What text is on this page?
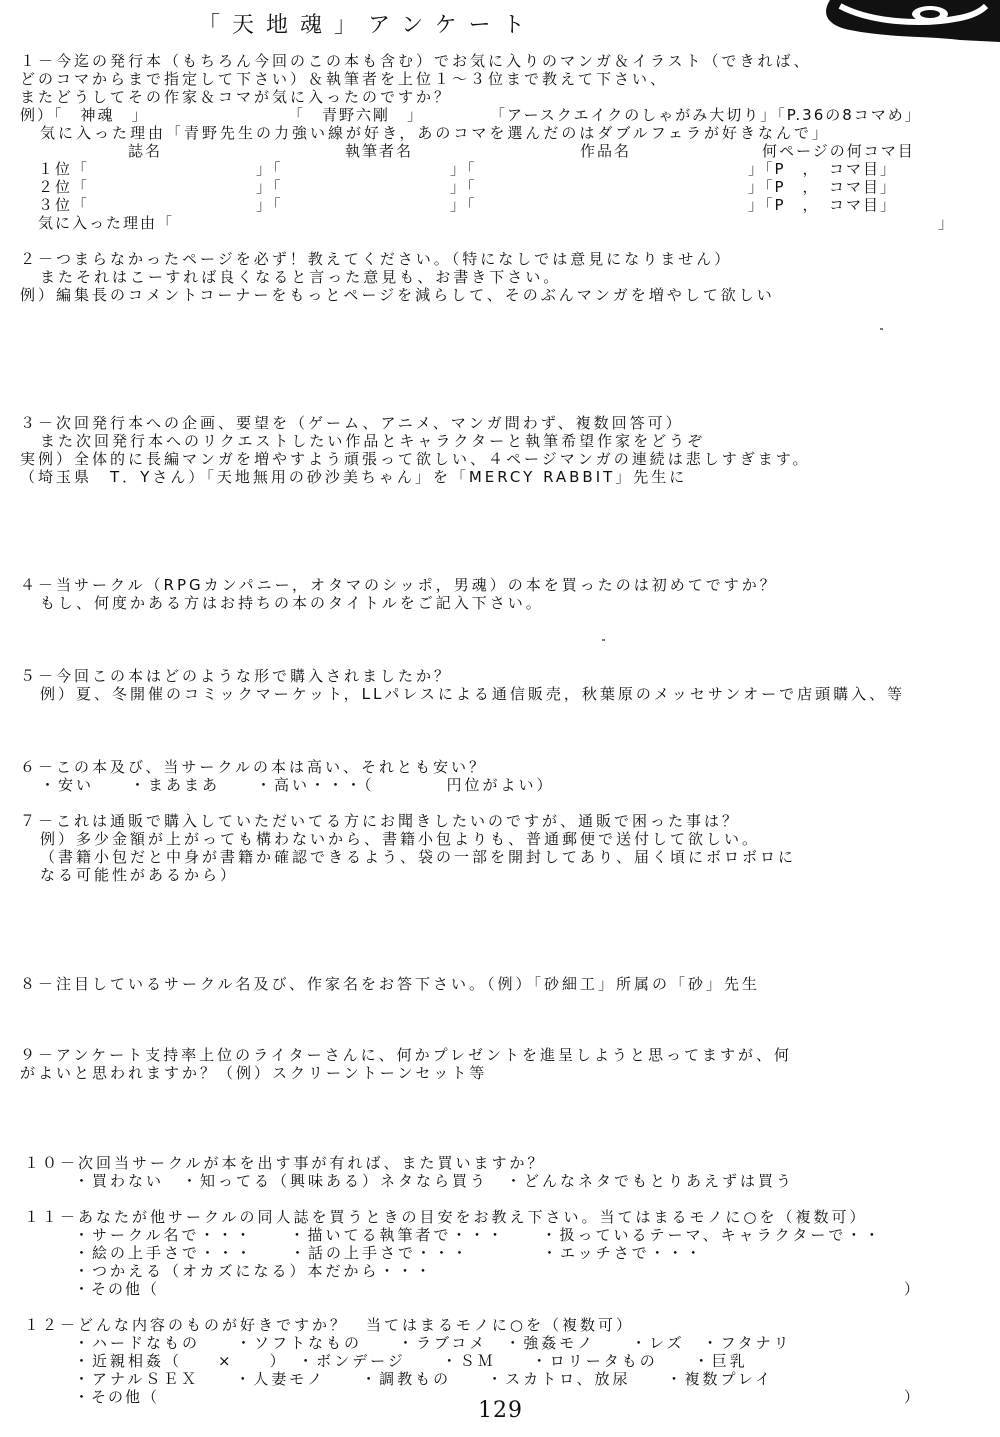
「天地魂」アンケート
１－今迄の発行本（もちろん今回のこの本も含む）でお気に入りのマンガ＆イラスト（できれば、
どのコマからまで指定して下さい）＆執筆者を上位１～３位まで教えて下さい、
またどうしてその作家＆コマが気に入ったのですか？
例）「　神魂　」	「　青野六剛　」	「アースクエイクのしゃがみ大切り」「P.36の8コマめ」
気に入った理由「青野先生の力強い線が好き，あのコマを選んだのはダブルフェラが好きなんで」
誌名	執筆者名	作品名	何ページの何コマ目
１位「	」「	」「	」「P　，　コマ目」
２位「	」「	」「	」「P　，　コマ目」
３位「	」「	」「	」「P　，　コマ目」
気に入った理由「	」
２－つまらなかったページを必ず！教えてください。（特になしでは意見になりません）
またそれはこーすれば良くなると言った意見も、お書き下さい。
例）編集長のコメントコーナーをもっとページを減らして、そのぶんマンガを増やして欲しい
３－次回発行本への企画、要望を（ゲーム、アニメ、マンガ問わず、複数回答可）
また次回発行本へのリクエストしたい作品とキャラクターと執筆希望作家をどうぞ
実例）全体的に長編マンガを増やすよう頑張って欲しい、４ページマンガの連続は悲しすぎます。
（埼玉県　T．Yさん）「天地無用の砂沙美ちゃん」を「MERCY RABBIT」先生に
４－当サークル（RPGカンパニー，オタマのシッポ，男魂）の本を買ったのは初めてですか？
もし、何度かある方はお持ちの本のタイトルをご記入下さい。
５－今回この本はどのような形で購入されましたか？
例）夏、冬開催のコミックマーケット，LLパレスによる通信販売，秋葉原のメッセサンオーで店頭購入、等
６－この本及び、当サークルの本は高い、それとも安い？
・安い　　・まあまあ　　・高い・・・（　　　　円位がよい）
７－これは通販で購入していただいてる方にお聞きしたいのですが、通販で困った事は？
例）多少金額が上がっても構わないから、書籍小包よりも、普通郵便で送付して欲しい。
（書籍小包だと中身が書籍か確認できるよう、袋の一部を開封してあり、届く頃にボロボロに
なる可能性があるから）
８－注目しているサークル名及び、作家名をお答下さい。（例）「砂細工」所属の「砂」先生
９－アンケート支持率上位のライターさんに、何かプレゼントを進呈しようと思ってますが、何
がよいと思われますか？（例）スクリーントーンセット等
１０－次回当サークルが本を出す事が有れば、また買いますか？
・買わない　・知ってる（興味ある）ネタなら買う　・どんなネタでもとりあえずは買う
１１－あなたが他サークルの同人誌を買うときの目安をお教え下さい。当てはまるモノに○を（複数可）
・サークル名で・・・　　・描いてる執筆者で・・・　　・扱っているテーマ、キャラクターで・・
・絵の上手さで・・・　　・話の上手さで・・・　　　　・エッチさで・・・
・つかえる（オカズになる）本だから・・・
・その他（	）
１２－どんな内容のものが好きですか？　当てはまるモノに○を（複数可）
・ハードなもの　　・ソフトなもの　　・ラブコメ　・強姦モノ　　・レズ　・フタナリ
・近親相姦（　　×　　）　・ボンデージ　　・ＳＭ　　・ロリータもの　　・巨乳
・アナルＳＥＸ　　・人妻モノ　　・調教もの　　・スカトロ、放尿　　・複数プレイ
・その他（	）
129
